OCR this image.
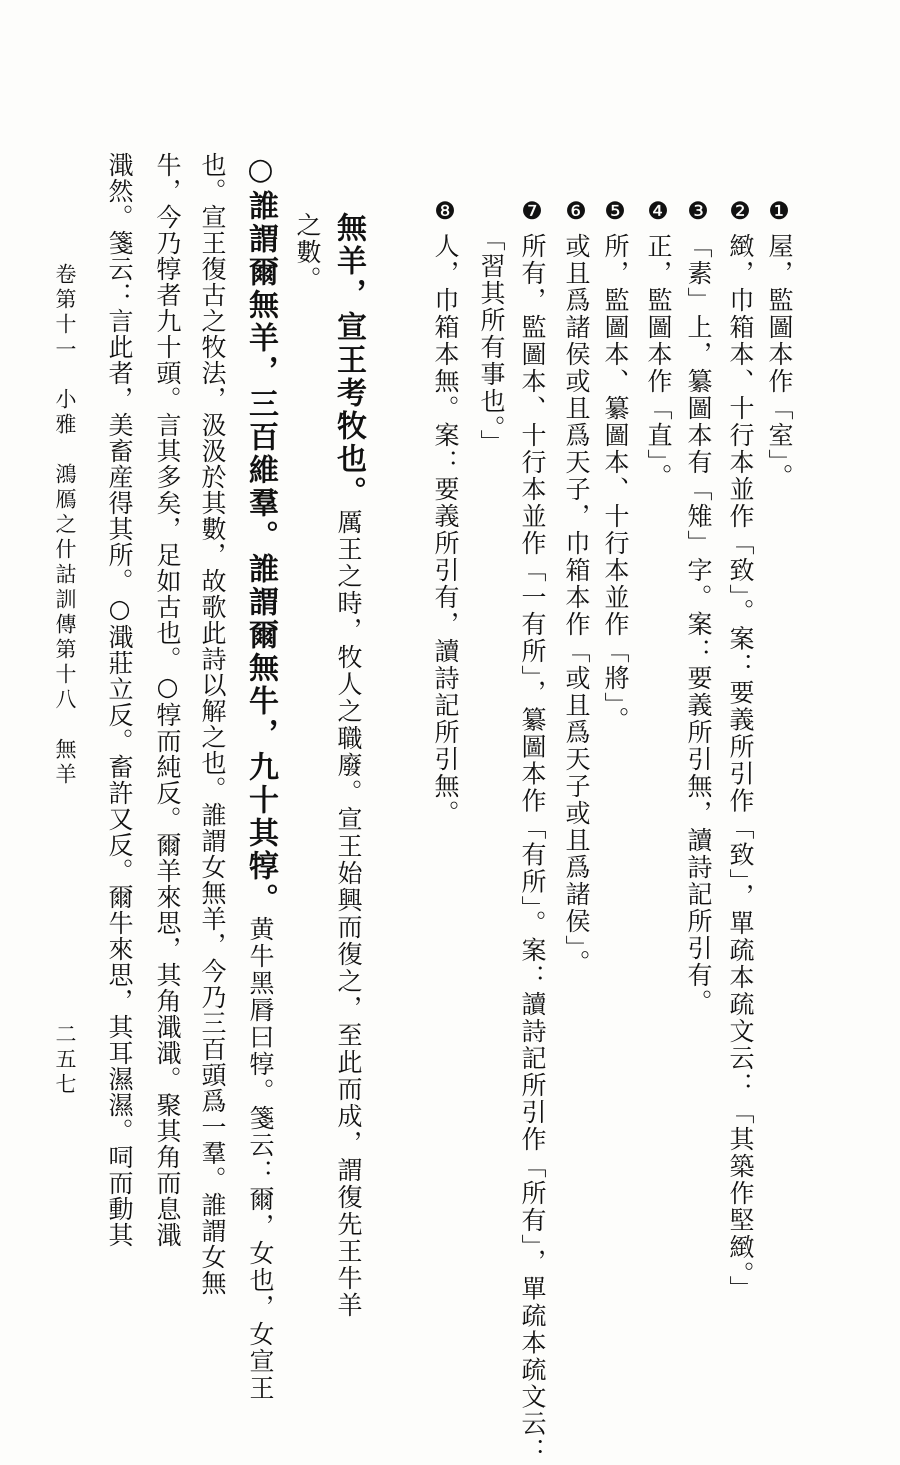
❶屋，監圖本作「室」。
❷緻，巾箱本、十行本並作「致」。案：要義所引作「致」，單疏本疏文云：「其築作堅緻。」
❸「素」上，纂圖本有「雉」字。案：要義所引無，讀詩記所引有。
❹正，監圖本作「直」。
❺所，監圖本、纂圖本、十行本並作「將」。
❻或且爲諸侯或且爲天子，巾箱本作「或且爲天子或且爲諸侯」。
❼所有，監圖本、十行本並作「一有所」，纂圖本作「有所」。案：讀詩記所引作「所有」，單疏本疏文云：
「習其所有事也。」
❽人，巾箱本無。案：要義所引有，讀詩記所引無。
無羊，宣王考牧也。厲王之時，牧人之職廢。宣王始興而復之，至此而成，謂復先王牛羊
之數。
○誰謂爾無羊，三百維羣。誰謂爾無牛，九十其犉。黄牛黑脣曰犉。箋云：爾，女也，女宣王
也。宣王復古之牧法，汲汲於其數，故歌此詩以解之也。誰謂女無羊，今乃三百頭爲一羣。誰謂女無
牛，今乃犉者九十頭。言其多矣，足如古也。○犉而純反。爾羊來思，其角濈濈。聚其角而息濈
濈然。箋云：言此者，美畜産得其所。○濈莊立反。畜許又反。爾牛來思，其耳濕濕。呞而動其
卷第十一　小雅　鴻鴈之什詁訓傳第十八　無羊
二五七
